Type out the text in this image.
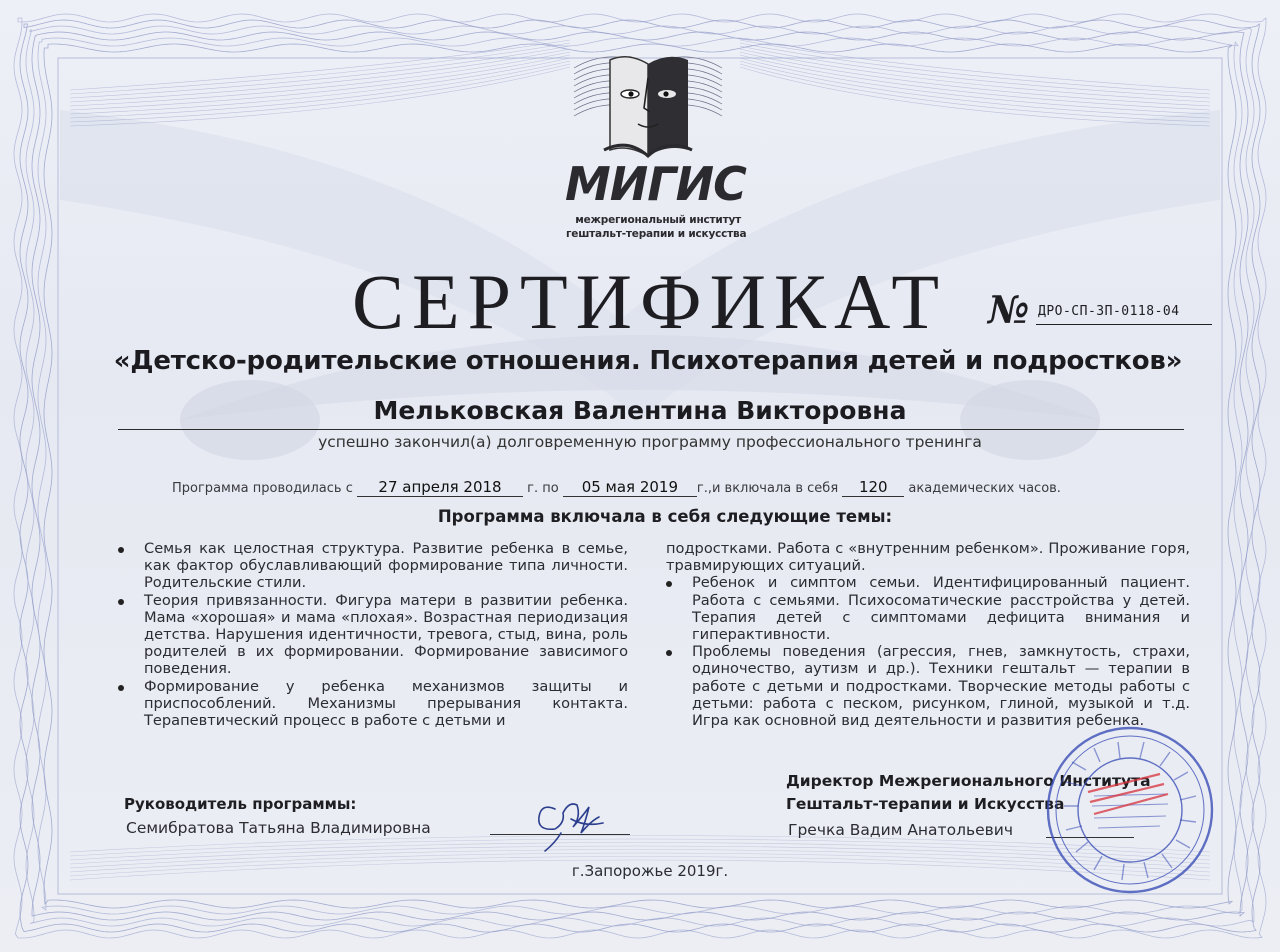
МИГИС
межрегиональный институт
гештальт-терапии и искусства
СЕРТИФИКАТ № ДРО-СП-ЗП-0118-04
«Детско-родительские отношения. Психотерапия детей и подростков»
Мельковская Валентина Викторовна
успешно закончил(а) долговременную программу профессионального тренинга
Программа проводилась с 27 апреля 2018 г. по 05 мая 2019 г.,и включала в себя 120 академических часов.
Программа включала в себя следующие темы:
Семья как целостная структура. Развитие ребенка в семье, как фактор обуславливающий формирование типа личности. Родительские стили.
Теория привязанности. Фигура матери в развитии ребенка. Мама «хорошая» и мама «плохая». Возрастная периодизация детства. Нарушения идентичности, тревога, стыд, вина, роль родителей в их формировании. Формирование зависимого поведения.
Формирование у ребенка механизмов защиты и приспособлений. Механизмы прерывания контакта. Терапевтический процесс в работе с детьми и

подростками. Работа с «внутренним ребенком». Проживание горя, травмирующих ситуаций.

Ребенок и симптом семьи. Идентифицированный пациент. Работа с семьями. Психосоматические расстройства у детей. Терапия детей с симптомами дефицита внимания и гиперактивности.
Проблемы поведения (агрессия, гнев, замкнутость, страхи, одиночество, аутизм и др.). Техники гештальт — терапии в работе с детьми и подростками. Творческие методы работы с детьми: работа с песком, рисунком, глиной, музыкой и т.д. Игра как основной вид деятельности и развития ребенка.
Директор Межрегионального Института
Гештальт-терапии и Искусства
Гречка Вадим Анатольевич
Руководитель программы:
Семибратова Татьяна Владимировна
г.Запорожье 2019г.
